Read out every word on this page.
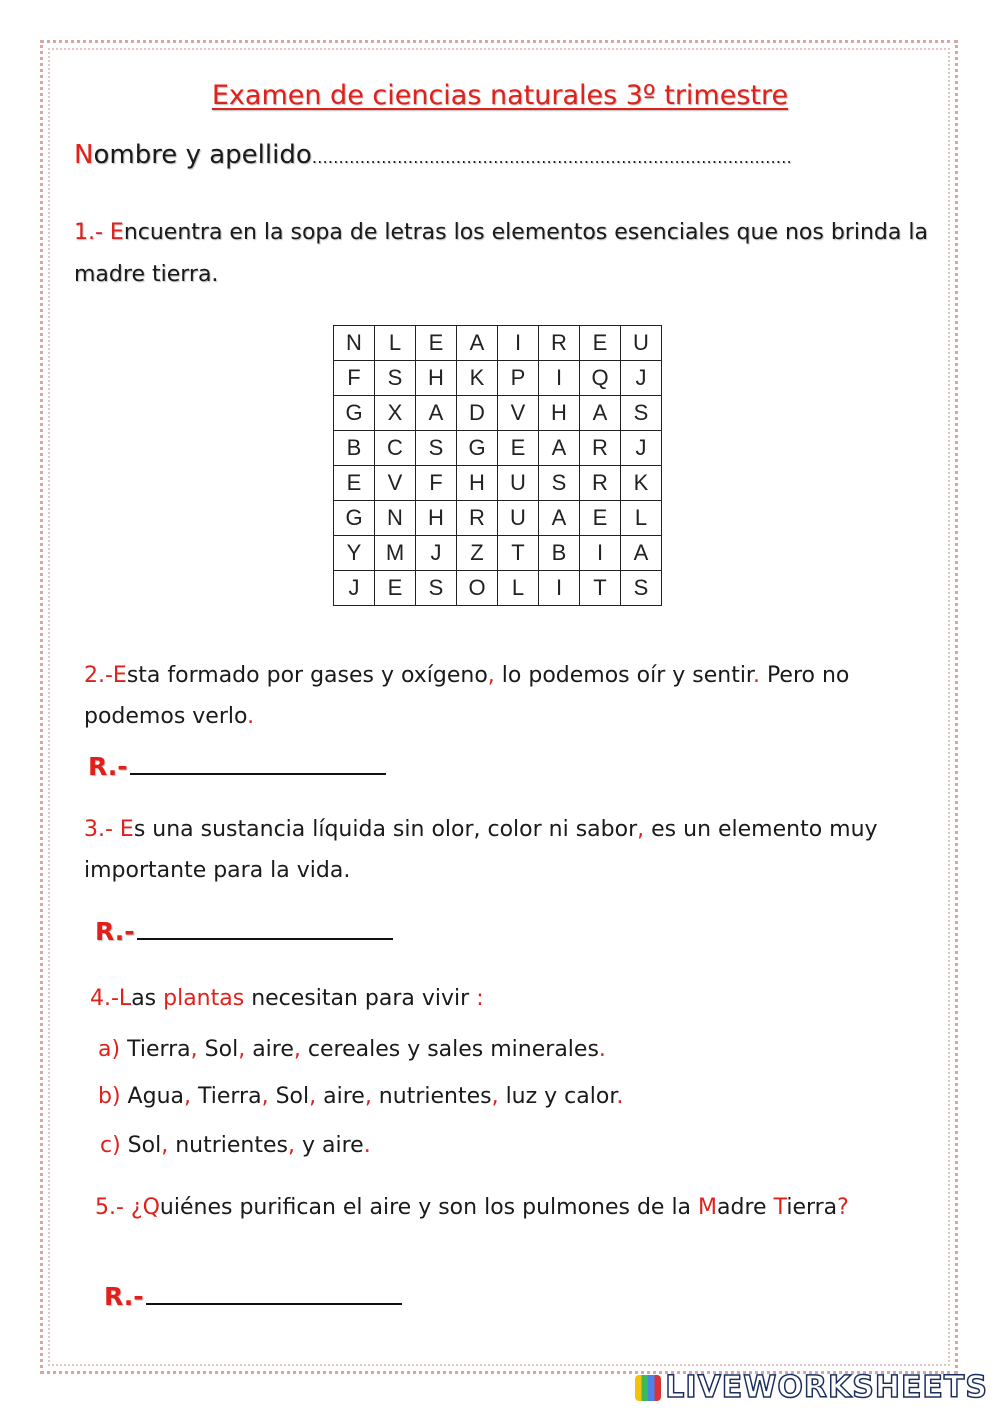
Examen de ciencias naturales 3º trimestre
Nombre y apellido………………………………………………………………………………
1.- Encuentra en la sopa de letras los elementos esenciales que nos brinda la madre tierra.
N	L	E	A	I	R	E	U
F	S	H	K	P	I	Q	J
G	X	A	D	V	H	A	S
B	C	S	G	E	A	R	J
E	V	F	H	U	S	R	K
G	N	H	R	U	A	E	L
Y	M	J	Z	T	B	I	A
J	E	S	O	L	I	T	S
2.-Esta formado por gases y oxígeno, lo podemos oír y sentir. Pero no podemos verlo.
R.-
3.- Es una sustancia líquida sin olor, color ni sabor, es un elemento muy importante para la vida.
R.-
4.-Las plantas necesitan para vivir :
a) Tierra, Sol, aire, cereales y sales minerales.
b) Agua, Tierra, Sol, aire, nutrientes, luz y calor.
c) Sol, nutrientes, y aire.
5.- ¿Quiénes purifican el aire y son los pulmones de la Madre Tierra?
R.-
LIVEWORKSHEETS
